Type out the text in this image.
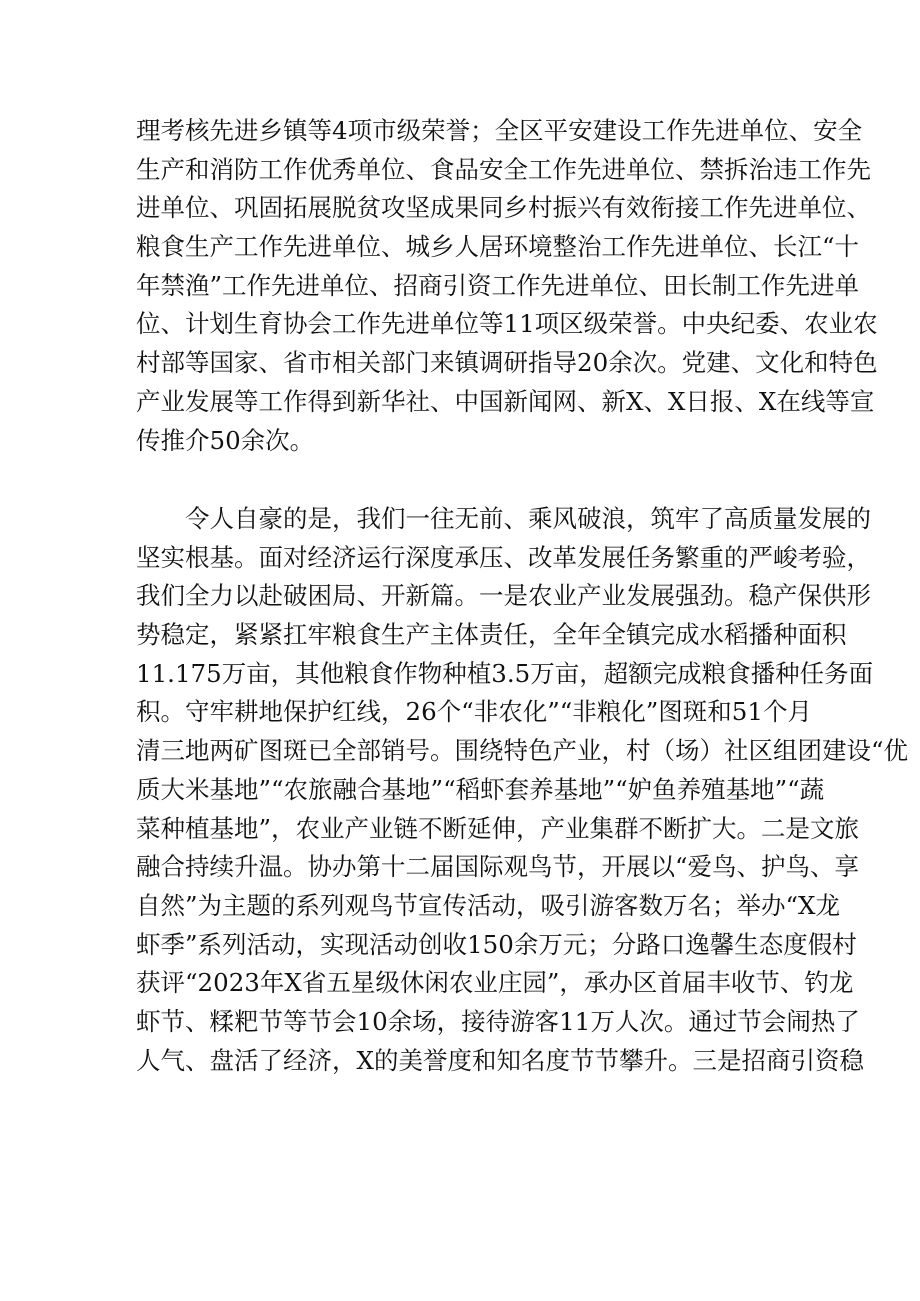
理考核先进乡镇等4项市级荣誉；全区平安建设工作先进单位、安全
生产和消防工作优秀单位、食品安全工作先进单位、禁拆治违工作先
进单位、巩固拓展脱贫攻坚成果同乡村振兴有效衔接工作先进单位、
粮食生产工作先进单位、城乡人居环境整治工作先进单位、长江“十
年禁渔”工作先进单位、招商引资工作先进单位、田长制工作先进单
位、计划生育协会工作先进单位等11项区级荣誉。中央纪委、农业农
村部等国家、省市相关部门来镇调研指导20余次。党建、文化和特色
产业发展等工作得到新华社、中国新闻网、新X、X日报、X在线等宣
传推介50余次。
令人自豪的是，我们一往无前、乘风破浪，筑牢了高质量发展的
坚实根基。面对经济运行深度承压、改革发展任务繁重的严峻考验，
我们全力以赴破困局、开新篇。一是农业产业发展强劲。稳产保供形
势稳定，紧紧扛牢粮食生产主体责任，全年全镇完成水稻播种面积
11.175万亩，其他粮食作物种植3.5万亩，超额完成粮食播种任务面
积。守牢耕地保护红线，26个“非农化”“非粮化”图斑和51个月
清三地两矿图斑已全部销号。围绕特色产业，村（场）社区组团建设“优
质大米基地”“农旅融合基地”“稻虾套养基地”“妒鱼养殖基地”“蔬
菜种植基地”，农业产业链不断延伸，产业集群不断扩大。二是文旅
融合持续升温。协办第十二届国际观鸟节，开展以“爱鸟、护鸟、享
自然”为主题的系列观鸟节宣传活动，吸引游客数万名；举办“X龙
虾季”系列活动，实现活动创收150余万元；分路口逸馨生态度假村
获评“2023年X省五星级休闲农业庄园”，承办区首届丰收节、钓龙
虾节、糅粑节等节会10余场，接待游客11万人次。通过节会闹热了
人气、盘活了经济，X的美誉度和知名度节节攀升。三是招商引资稳
